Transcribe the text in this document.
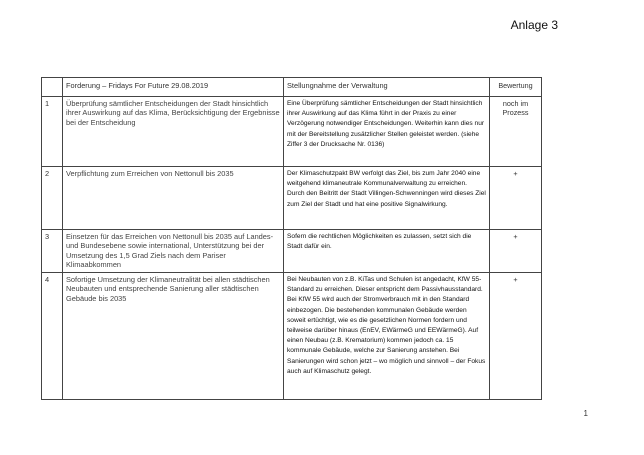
Anlage 3
	Forderung – Fridays For Future 29.08.2019	Stellungnahme der Verwaltung	Bewertung
1	Überprüfung sämtlicher Entscheidungen der Stadt hinsichtlich ihrer Auswirkung auf das Klima, Berücksichtigung der Ergebnisse bei der Entscheidung	Eine Überprüfung sämtlicher Entscheidungen der Stadt hinsichtlich ihrer Auswirkung auf das Klima führt in der Praxis zu einer Verzögerung notwendiger Entscheidungen. Weiterhin kann dies nur mit der Bereitstellung zusätzlicher Stellen geleistet werden. (siehe Ziffer 3 der Drucksache Nr. 0136)	noch im Prozess
2	Verpflichtung zum Erreichen von Nettonull bis 2035	Der Klimaschutzpakt BW verfolgt das Ziel, bis zum Jahr 2040 eine weitgehend klimaneutrale Kommunalverwaltung zu erreichen. Durch den Beitritt der Stadt Villingen-Schwenningen wird dieses Ziel zum Ziel der Stadt und hat eine positive Signalwirkung.	+
3	Einsetzen für das Erreichen von Nettonull bis 2035 auf Landes- und Bundesebene sowie international, Unterstützung bei der Umsetzung des 1,5 Grad Ziels nach dem Pariser Klimaabkommen	Sofern die rechtlichen Möglichkeiten es zulassen, setzt sich die Stadt dafür ein.	+
4	Sofortige Umsetzung der Klimaneutralität bei allen städtischen Neubauten und entsprechende Sanierung aller städtischen Gebäude bis 2035	Bei Neubauten von z.B. KiTas und Schulen ist angedacht, KfW 55-Standard zu erreichen. Dieser entspricht dem Passivhausstandard. Bei KfW 55 wird auch der Stromverbrauch mit in den Standard einbezogen. Die bestehenden kommunalen Gebäude werden soweit ertüchtigt, wie es die gesetzlichen Normen fordern und teilweise darüber hinaus (EnEV, EWärmeG und EEWärmeG). Auf einen Neubau (z.B. Krematorium) kommen jedoch ca. 15 kommunale Gebäude, welche zur Sanierung anstehen. Bei Sanierungen wird schon jetzt – wo möglich und sinnvoll – der Fokus auch auf Klimaschutz gelegt.	+
1
